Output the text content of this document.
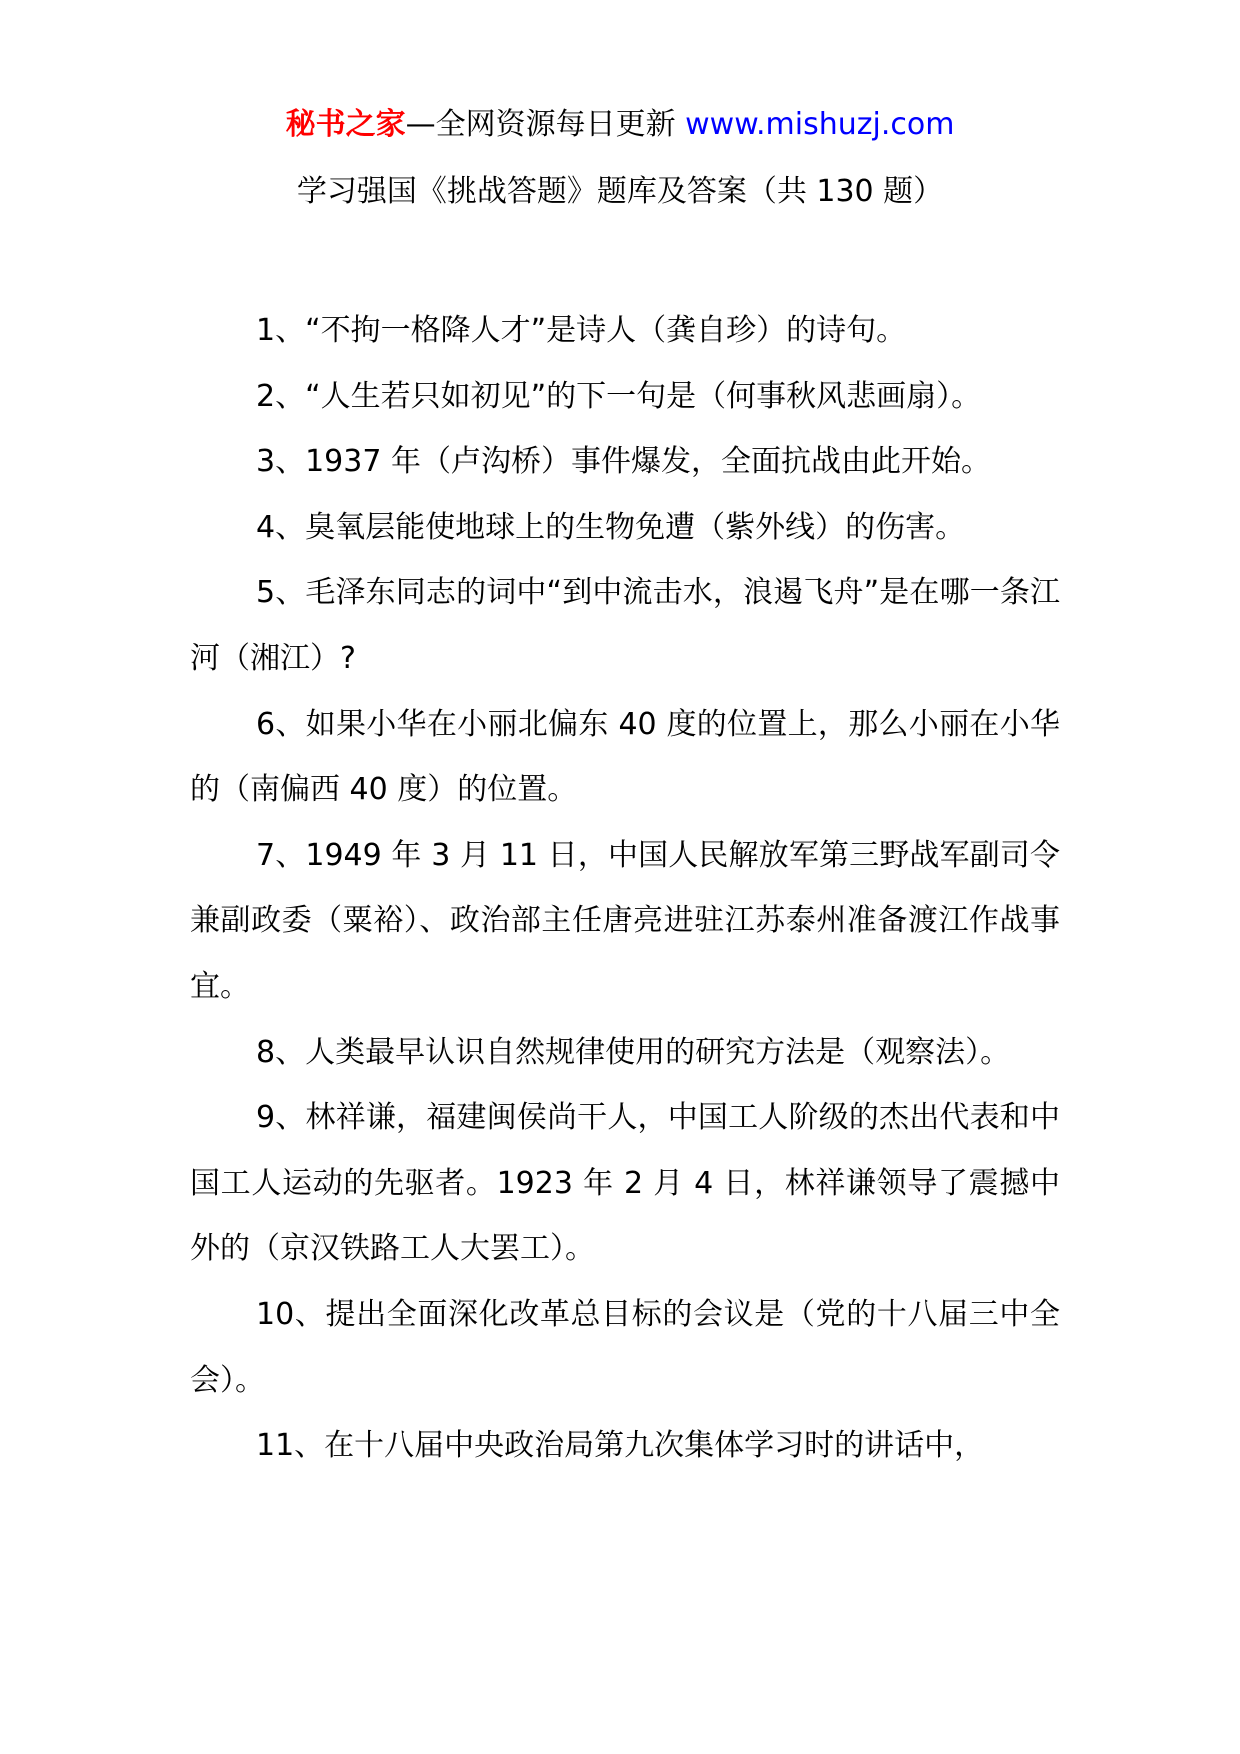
秘书之家—全网资源每日更新 www.mishuzj.com
学习强国《挑战答题》题库及答案（共 130 题）

1、“不拘一格降人才”是诗人（龚自珍）的诗句。

2、“人生若只如初见”的下一句是（何事秋风悲画扇）。

3、1937 年（卢沟桥）事件爆发，全面抗战由此开始。

4、臭氧层能使地球上的生物免遭（紫外线）的伤害。

5、毛泽东同志的词中“到中流击水，浪遏飞舟”是在哪一条江河（湘江）?

6、如果小华在小丽北偏东 40 度的位置上，那么小丽在小华的（南偏西 40 度）的位置。

7、1949 年 3 月 11 日，中国人民解放军第三野战军副司令兼副政委（粟裕）、政治部主任唐亮进驻江苏泰州准备渡江作战事宜。

8、人类最早认识自然规律使用的研究方法是（观察法）。

9、林祥谦，福建闽侯尚干人，中国工人阶级的杰出代表和中国工人运动的先驱者。1923 年 2 月 4 日，林祥谦领导了震撼中外的（京汉铁路工人大罢工）。

10、提出全面深化改革总目标的会议是（党的十八届三中全会）。

11、在十八届中央政治局第九次集体学习时的讲话中，
